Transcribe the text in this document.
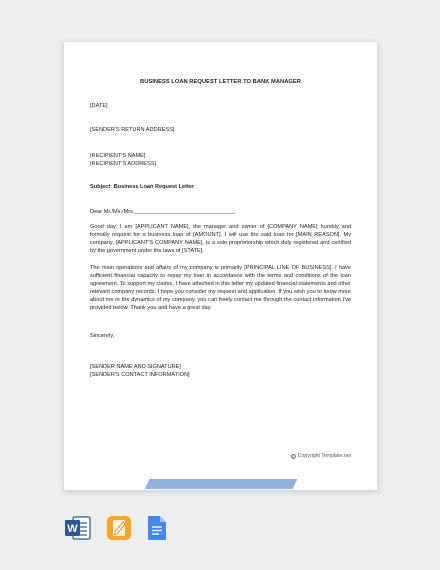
BUSINESS LOAN REQUEST LETTER TO BANK MANAGER

[DATE]

[SENDER'S RETURN ADDRESS]

[RECIPIENT'S NAME]

[RECIPIENT'S ADDRESS]

Subject: Business Loan Request Letter

Dear Mr./Ms./Mrs.________________________________,

Good day. I am [APPLICANT NAME], the manager and owner of [COMPANY NAME] humbly and formally request for a business loan of [AMOUNT]. I will use the said loan for [MAIN REASON]. My company, [APPLICANT'S COMPANY NAME], is a sole proprietorship which duly registered and certified by the government under the laws of [STATE].

The main operations and affairs of my company is primarily [PRINCIPAL LINE OF BUSINESS]. I have sufficient financial capacity to repay my loan in accordance with the terms and conditions of the loan agreement. To support my claims, I have attached in this letter my updated financial statements and other relevant company records. I hope you consider my request and application. If you wish you to know more about me or the dynamics of my company, you can freely contact me through the contact information I've provided below. Thank you and have a great day.

Sincerely,

[SENDER NAME AND SIGNATURE]

[SENDER'S CONTACT INFORMATION]

© Copyright Template.net
W
